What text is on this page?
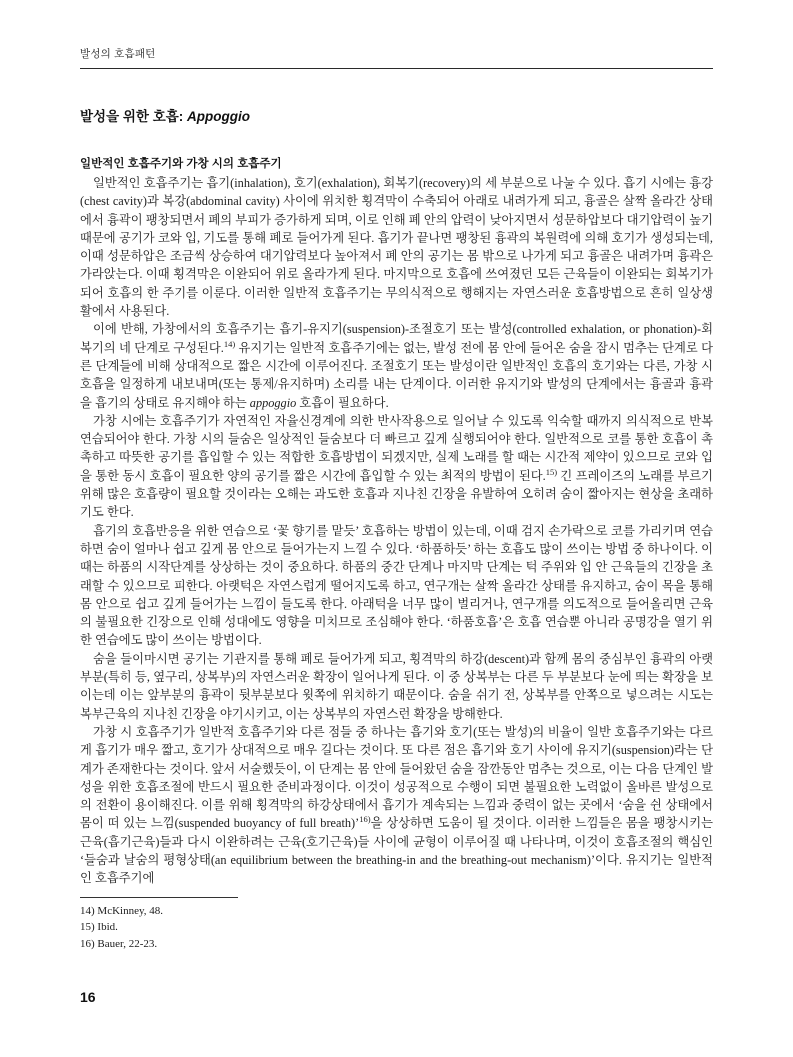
발성의 호흡패턴
발성을 위한 호흡: Appoggio
일반적인 호흡주기와 가창 시의 호흡주기

일반적인 호흡주기는 흡기(inhalation), 호기(exhalation), 회복기(recovery)의 세 부분으로 나눌 수 있다. 흡기 시에는 흉강(chest cavity)과 복강(abdominal cavity) 사이에 위치한 횡격막이 수축되어 아래로 내려가게 되고, 흉골은 살짝 올라간 상태에서 흉곽이 팽창되면서 폐의 부피가 증가하게 되며, 이로 인해 폐 안의 압력이 낮아지면서 성문하압보다 대기압력이 높기 때문에 공기가 코와 입, 기도를 통해 폐로 들어가게 된다. 흡기가 끝나면 팽창된 흉곽의 복원력에 의해 호기가 생성되는데, 이때 성문하압은 조금씩 상승하여 대기압력보다 높아져서 폐 안의 공기는 몸 밖으로 나가게 되고 흉골은 내려가며 흉곽은 가라앉는다. 이때 횡격막은 이완되어 위로 올라가게 된다. 마지막으로 호흡에 쓰여졌던 모든 근육들이 이완되는 회복기가 되어 호흡의 한 주기를 이룬다. 이러한 일반적 호흡주기는 무의식적으로 행해지는 자연스러운 호흡방법으로 흔히 일상생활에서 사용된다.

이에 반해, 가창에서의 호흡주기는 흡기-유지기(suspension)-조절호기 또는 발성(controlled exhalation, or phonation)-회복기의 네 단계로 구성된다.$^{14)}$ 유지기는 일반적 호흡주기에는 없는, 발성 전에 몸 안에 들어온 숨을 잠시 멈추는 단계로 다른 단계들에 비해 상대적으로 짧은 시간에 이루어진다. 조절호기 또는 발성이란 일반적인 호흡의 호기와는 다른, 가창 시 호흡을 일정하게 내보내며(또는 통제/유지하며) 소리를 내는 단계이다. 이러한 유지기와 발성의 단계에서는 흉골과 흉곽을 흡기의 상태로 유지해야 하는 appoggio 호흡이 필요하다.

가창 시에는 호흡주기가 자연적인 자율신경계에 의한 반사작용으로 일어날 수 있도록 익숙할 때까지 의식적으로 반복연습되어야 한다. 가창 시의 들숨은 일상적인 들숨보다 더 빠르고 깊게 실행되어야 한다. 일반적으로 코를 통한 호흡이 촉촉하고 따뜻한 공기를 흡입할 수 있는 적합한 호흡방법이 되겠지만, 실제 노래를 할 때는 시간적 제약이 있으므로 코와 입을 통한 동시 호흡이 필요한 양의 공기를 짧은 시간에 흡입할 수 있는 최적의 방법이 된다.$^{15)}$ 긴 프레이즈의 노래를 부르기 위해 많은 호흡량이 필요할 것이라는 오해는 과도한 호흡과 지나친 긴장을 유발하여 오히려 숨이 짧아지는 현상을 초래하기도 한다.

흡기의 호흡반응을 위한 연습으로 ‘꽃 향기를 맡듯’ 호흡하는 방법이 있는데, 이때 검지 손가락으로 코를 가리키며 연습하면 숨이 얼마나 쉽고 깊게 몸 안으로 들어가는지 느낄 수 있다. ‘하품하듯’ 하는 호흡도 많이 쓰이는 방법 중 하나이다. 이때는 하품의 시작단계를 상상하는 것이 중요하다. 하품의 중간 단계나 마지막 단계는 턱 주위와 입 안 근육들의 긴장을 초래할 수 있으므로 피한다. 아랫턱은 자연스럽게 떨어지도록 하고, 연구개는 살짝 올라간 상태를 유지하고, 숨이 목을 통해 몸 안으로 쉽고 깊게 들어가는 느낌이 들도록 한다. 아래턱을 너무 많이 벌리거나, 연구개를 의도적으로 들어올리면 근육의 불필요한 긴장으로 인해 성대에도 영향을 미치므로 조심해야 한다. ‘하품호흡’은 호흡 연습뿐 아니라 공명강을 열기 위한 연습에도 많이 쓰이는 방법이다.

숨을 들이마시면 공기는 기관지를 통해 폐로 들어가게 되고, 횡격막의 하강(descent)과 함께 몸의 중심부인 흉곽의 아랫부분(특히 등, 옆구리, 상복부)의 자연스러운 확장이 일어나게 된다. 이 중 상복부는 다른 두 부분보다 눈에 띄는 확장을 보이는데 이는 앞부분의 흉곽이 뒷부분보다 윗쪽에 위치하기 때문이다. 숨을 쉬기 전, 상복부를 안쪽으로 넣으려는 시도는 복부근육의 지나친 긴장을 야기시키고, 이는 상복부의 자연스런 확장을 방해한다.

가창 시 호흡주기가 일반적 호흡주기와 다른 점들 중 하나는 흡기와 호기(또는 발성)의 비율이 일반 호흡주기와는 다르게 흡기가 매우 짧고, 호기가 상대적으로 매우 길다는 것이다. 또 다른 점은 흡기와 호기 사이에 유지기(suspension)라는 단계가 존재한다는 것이다. 앞서 서술했듯이, 이 단계는 몸 안에 들어왔던 숨을 잠깐동안 멈추는 것으로, 이는 다음 단계인 발성을 위한 호흡조절에 반드시 필요한 준비과정이다. 이것이 성공적으로 수행이 되면 불필요한 노력없이 올바른 발성으로의 전환이 용이해진다. 이를 위해 횡격막의 하강상태에서 흡기가 계속되는 느낌과 중력이 없는 곳에서 ‘숨을 쉰 상태에서 몸이 떠 있는 느낌(suspended buoyancy of full breath)’$^{16)}$을 상상하면 도움이 될 것이다. 이러한 느낌들은 몸을 팽창시키는 근육(흡기근육)들과 다시 이완하려는 근육(호기근육)들 사이에 균형이 이루어질 때 나타나며, 이것이 호흡조절의 핵심인 ‘들숨과 날숨의 평형상태(an equilibrium between the breathing-in and the breathing-out mechanism)’이다. 유지기는 일반적인 호흡주기에

14) McKinney, 48.

15) Ibid.

16) Bauer, 22-23.

16
